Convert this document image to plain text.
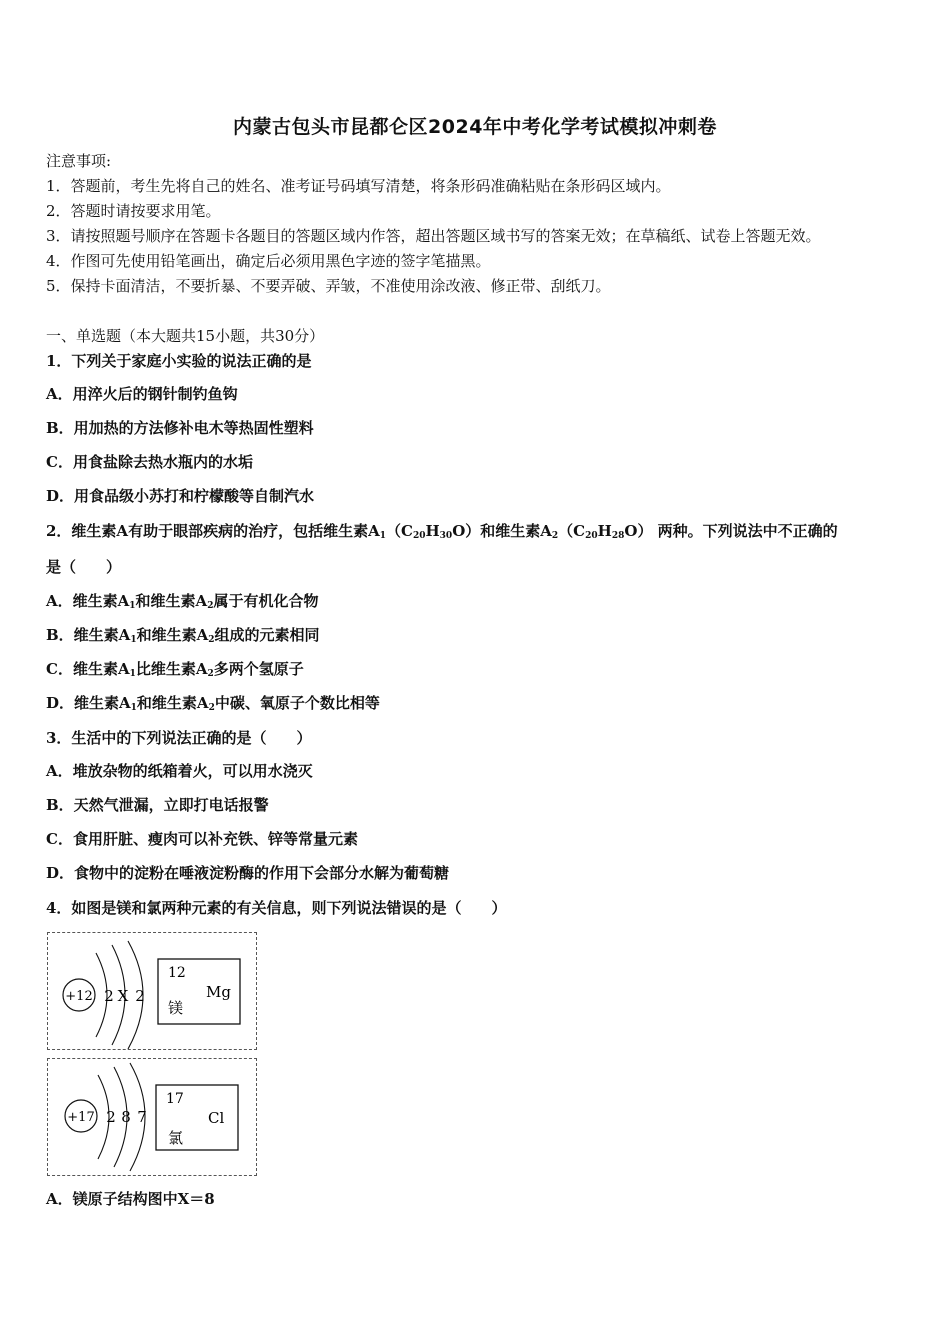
内蒙古包头市昆都仑区2024年中考化学考试模拟冲刺卷
注意事项:
1．答题前，考生先将自己的姓名、准考证号码填写清楚，将条形码准确粘贴在条形码区域内。
2．答题时请按要求用笔。
3．请按照题号顺序在答题卡各题目的答题区域内作答，超出答题区域书写的答案无效；在草稿纸、试卷上答题无效。
4．作图可先使用铅笔画出，确定后必须用黑色字迹的签字笔描黑。
5．保持卡面清洁，不要折暴、不要弄破、弄皱，不准使用涂改液、修正带、刮纸刀。
一、单选题（本大题共15小题，共30分）
1．下列关于家庭小实验的说法正确的是
A．用淬火后的钢针制钓鱼钩
B．用加热的方法修补电木等热固性塑料
C．用食盐除去热水瓶内的水垢
D．用食品级小苏打和柠檬酸等自制汽水
2．维生素A有助于眼部疾病的治疗，包括维生素$A_1(C_{20}H_{30}O)$和维生素$A_2(C_{20}H_{28}O)$ 两种。下列说法中不正确的
是（　　）
A．维生素$A_1$和维生素$A_2$属于有机化合物
B．维生素$A_1$和维生素$A_2$组成的元素相同
C．维生素$A_1$比维生素$A_2$多两个氢原子
D．维生素$A_1$和维生素$A_2$中碳、氧原子个数比相等
3．生活中的下列说法正确的是（　　）
A．堆放杂物的纸箱着火，可以用水浇灭
B．天然气泄漏，立即打电话报警
C．食用肝脏、瘦肉可以补充铁、锌等常量元素
D．食物中的淀粉在唾液淀粉酶的作用下会部分水解为葡萄糖
4．如图是镁和氯两种元素的有关信息，则下列说法错误的是（　　）
+12 2 X 2
12
Mg
镁
+17 2 8 7
17
Cl
氯
A．镁原子结构图中X＝8
